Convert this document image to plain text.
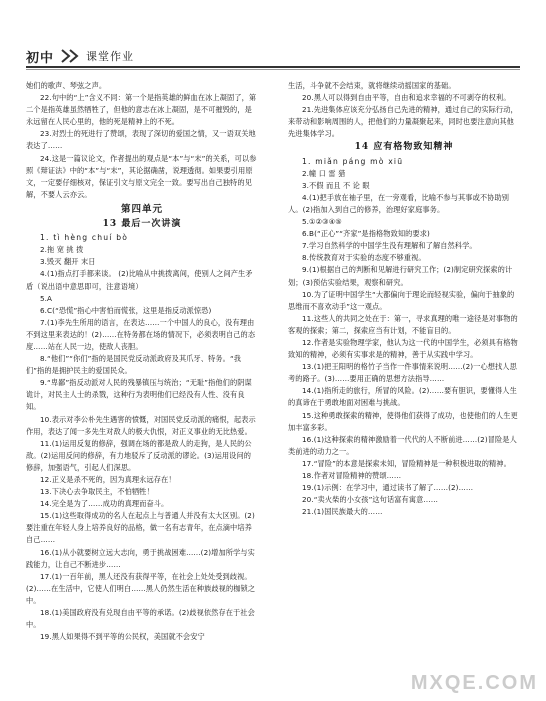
初中	课堂作业

她们的歌声、琴弦之声。

22.句中的“上”含义不同：第一个是指英雄的鲜血在冰上凝固了，第二个是指英雄虽然牺牲了，但他的意志在冰上凝固，是不可摧毁的，是永远留在人民心里的，他的死是精神上的不死。

23.对烈士的死进行了赞颂，表现了深切的爱国之情，又一语双关地表达了……

24.这是一篇议论文，作者提出的观点是“本”与“末”的关系，可以参照《辩证法》中的“本”与“末”，其论据确凿，说理透彻。如果要引用原文，一定要仔细核对，保证引文与原文完全一致。要写出自己独特的见解，不要人云亦云。

第四单元
13 最后一次讲演

1. tì hèng chuí bò

2.拖 宽 挑 拨

3.毁灭 翻开 末日

4.(1)指点打手都来谈。 (2)比喻从中挑拨离间，使别人之间产生矛盾（说出语中意思即可，注意语境）

5.A

6.C(“恐慌”指心中害怕而慌张，这里是指反动派惊恐)

7.(1)李先生所用的语言，在表达……一个中国人的良心，没有理由不到这里来表达的！(2)……在特务都在场的情况下，必须表明自己的态度……站在人民一边，使敌人丧胆。

8.“他们”“你们”指的是国民党反动派政府及其爪牙、特务。“我们”指的是拥护民主的爱国民众。

9.“卑鄙”指反动派对人民的残暴镇压与统治；“无耻”指他们的阴谋诡计，对民主人士的杀戮，这种行为表明他们已经没有人性、没有良知。

10.表示对李公朴先生遇害的愤慨，对国民党反动派的痛恨，起表示作用，表达了闻一多先生对敌人的极大仇恨，对正义事业的无比热爱。

11.(1)运用反复的修辞，强调在场的都是敌人的走狗，是人民的公敌。(2)运用反问的修辞，有力地驳斥了反动派的谬论。(3)运用设问的修辞，加强语气，引起人们深思。

12.正义是杀不死的，因为真理永远存在！

13.下决心去争取民主，不怕牺牲！

14.完全是为了……成功的真理而奋斗。

15.(1)这些取得成功的名人在起点上与普通人并没有太大区别。(2)要注重在年轻人身上培养良好的品格，做一名有志青年，在点滴中培养自己……

16.(1)从小就要树立远大志向，勇于挑战困难……(2)增加所学与实践能力，让自己不断进步……

17.(1)一百年前，黑人还没有获得平等，在社会上处处受到歧视。(2)……在生活中，它使人们明白……黑人仍然生活在种族歧视的枷锁之中。

18.(1)美国政府没有兑现自由平等的承诺。(2)歧视依然存在于社会中。

19.黑人如果得不到平等的公民权，美国就不会安宁

生活，斗争就不会结束，就将继续动摇国家的基础。

20.黑人可以得到自由平等，自由和追求幸福的不可剥夺的权利。

21.先进集体应该充分弘扬自己先进的精神，通过自己的实际行动，来带动和影响周围的人，把他们的力量凝聚起来，同时也要注意向其他先进集体学习。

14 应有格物致知精神

1. miǎn páng mò xiū

2.幢 口 雷 猎

3.不假 而且 不 论 眼

4.(1)把手放在袖子里，在一旁观看，比喻不参与其事或不协助别人。(2)指加入到自己的修养，治理好家庭事务。

5.①②③④⑤

6.B(“正心”“齐家”是指格物致知的要求)

7.学习自然科学的中国学生没有理解和了解自然科学。

8.传统教育对于实验的态度不够重视。

9.(1)根据自己的判断和见解进行研究工作；(2)制定研究探索的计划；(3)预估实验结果，观察和研究。

10.为了证明中国学生“大都偏向于理论而轻视实验，偏向于抽象的思维而不喜欢动手”这一观点。

11.这些人的共同之处在于：第一，寻求真理的唯一途径是对事物的客观的探索；第二，探索应当有计划，不能盲目的。

12.作者是实验物理学家，他认为这一代的中国学生，必须具有格物致知的精神，必须有实事求是的精神，善于从实践中学习。

13.(1)把王阳明的格竹子当作一件事情来说明……(2)一心想找人思考的路子。(3)……要用正确的思想方法指导……

14.(1)指所走的旅行，所冒的风险。(2)……要有胆识，要懂得人生的真谛在于勇敢地面对困难与挑战。

15.这种勇敢探索的精神，使得他们获得了成功，也使他们的人生更加丰富多彩。

16.(1)这种探索的精神激励着一代代的人不断前进……(2)冒险是人类前进的动力之一。

17.“冒险”的本意是探索未知，冒险精神是一种积极进取的精神。

18.作者对冒险精神的赞颂……

19.(1)示例：在学习中，通过读书了解了……(2)……

20.“卖火柴的小女孩”这句话富有寓意……

21.(1)国民族最大的……

MXQE.COM
